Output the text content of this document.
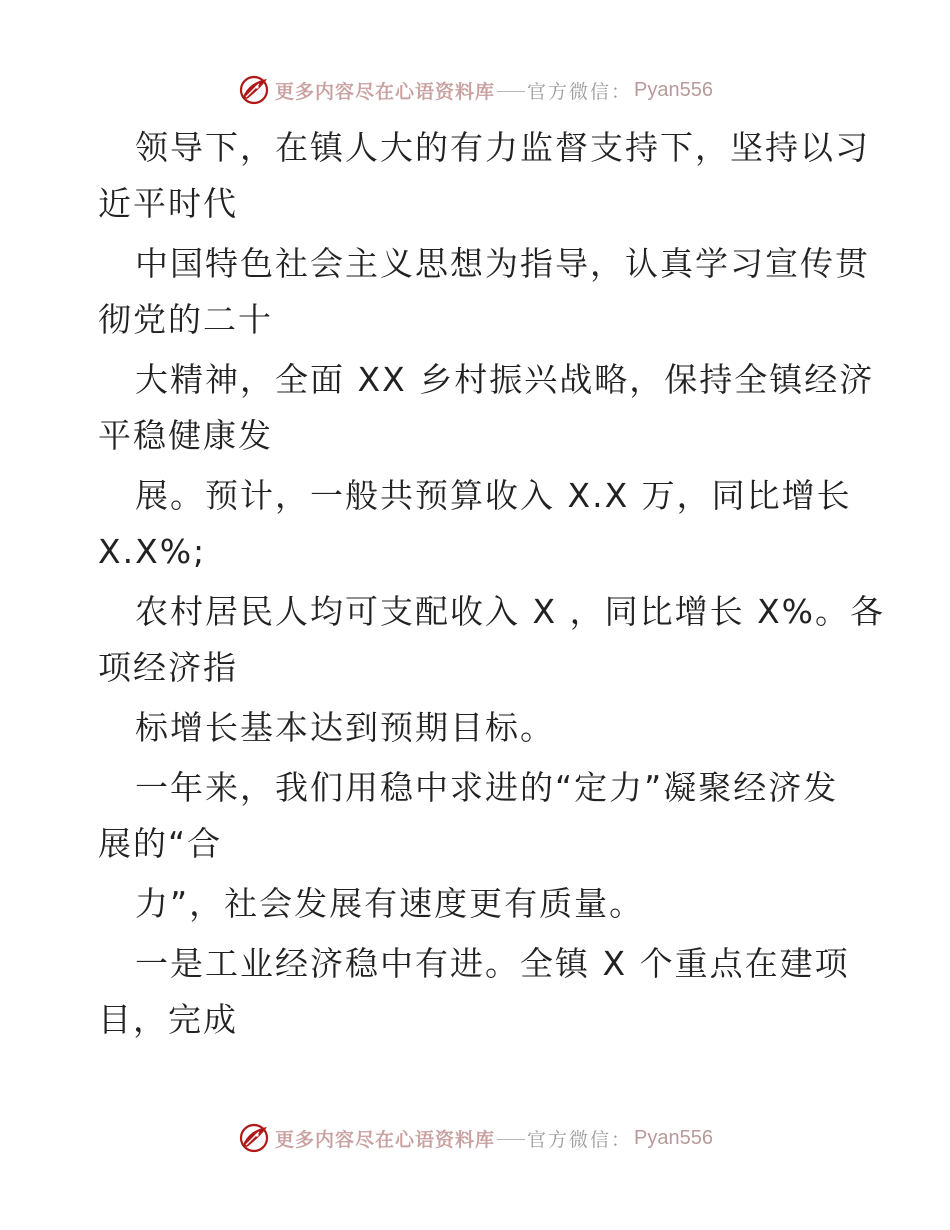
更多内容尽在心语资料库 官方微信： Pyan556
领导下，在镇人大的有力监督支持下，坚持以习
近平时代
中国特色社会主义思想为指导，认真学习宣传贯
彻党的二十
大精神，全面 XX 乡村振兴战略，保持全镇经济
平稳健康发
展。预计，一般共预算收入 X.X 万，同比增长
X.X%;
农村居民人均可支配收入 X ，同比增长 X%。各
项经济指
标增长基本达到预期目标。
一年来，我们用稳中求进的“定力”凝聚经济发
展的“合
力”，社会发展有速度更有质量。
一是工业经济稳中有进。全镇 X 个重点在建项
目，完成
更多内容尽在心语资料库 官方微信： Pyan556
